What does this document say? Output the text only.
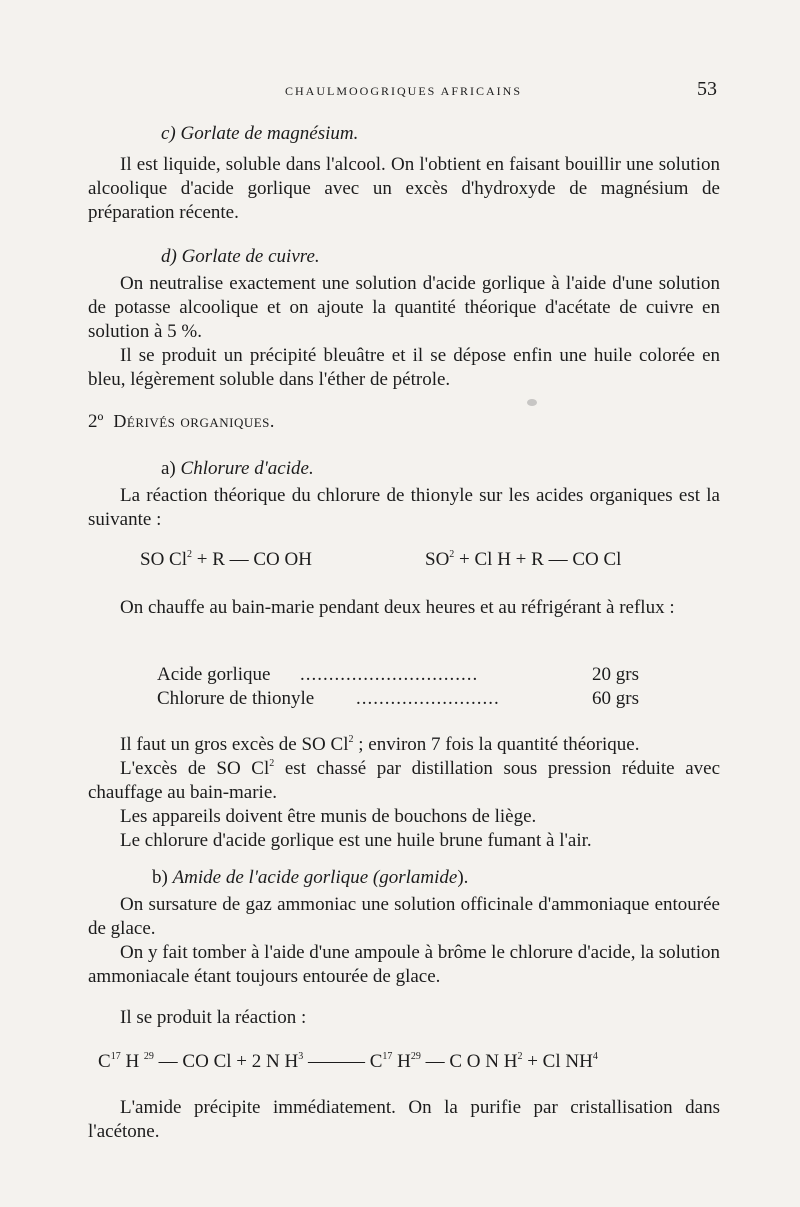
CHAULMOOGRIQUES AFRICAINS	53
c) Gorlate de magnésium.
Il est liquide, soluble dans l'alcool. On l'obtient en faisant bouillir une solution alcoolique d'acide gorlique avec un excès d'hydroxyde de magnésium de préparation récente.
d) Gorlate de cuivre.
On neutralise exactement une solution d'acide gorlique à l'aide d'une solution de potasse alcoolique et on ajoute la quantité théorique d'acétate de cuivre en solution à 5 %.
Il se produit un précipité bleuâtre et il se dépose enfin une huile colorée en bleu, légèrement soluble dans l'éther de pétrole.
2º Dérivés organiques.
a) Chlorure d'acide.
La réaction théorique du chlorure de thionyle sur les acides organiques est la suivante :
SO $Cl^2 + R$ — CO OH	$SO^2 + Cl$ H + R — CO Cl
On chauffe au bain-marie pendant deux heures et au réfrigérant à reflux :
Acide gorlique ...............................	20 grs
Chlorure de thionyle .........................	60 grs
Il faut un gros excès de SO Cl$^2$ ; environ 7 fois la quantité théorique.
L'excès de SO Cl$^2$ est chassé par distillation sous pression réduite avec chauffage au bain-marie.
Les appareils doivent être munis de bouchons de liège.
Le chlorure d'acide gorlique est une huile brune fumant à l'air.
b) Amide de l'acide gorlique (gorlamide).
On sursature de gaz ammoniac une solution officinale d'ammoniaque entourée de glace.
On y fait tomber à l'aide d'une ampoule à brôme le chlorure d'acide, la solution ammoniacale étant toujours entourée de glace.
Il se produit la réaction :
$C^{17}$ H $^{29}$ — CO Cl + 2 N $H^3$ ——— $C^{17}$ $H^{29}$ — C O N $H^2 + Cl$ $NH^4$
L'amide précipite immédiatement. On la purifie par cristallisation dans l'acétone.
